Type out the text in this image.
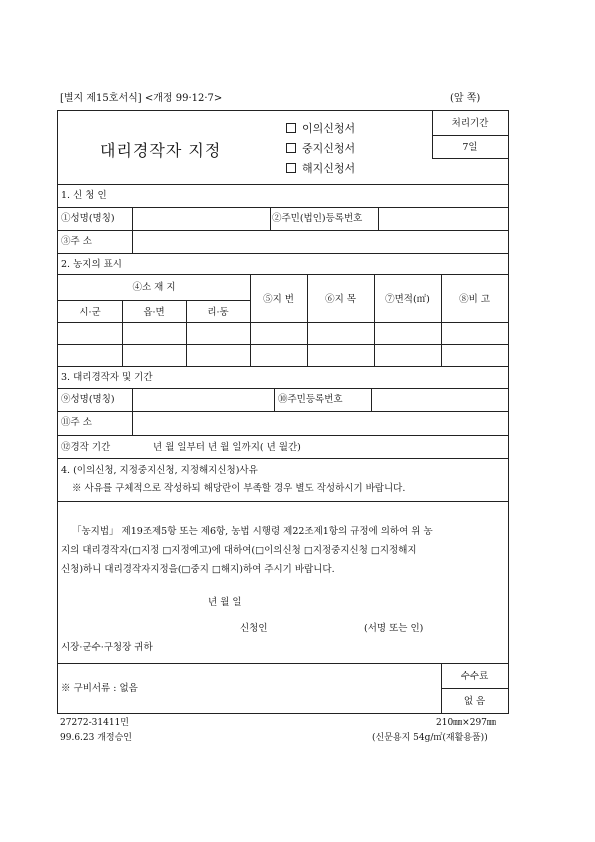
[별지 제15호서식] <개정 99·12·7>	(앞 쪽)
대리경작자 지정
이의신청서
중지신청서
해지신청서
처리기간
7일
1. 신 청 인
①성명(명칭)	②주민(법인)등록번호
③주 소
2. 농지의 표시
④소 재 지
시·군	읍·면	리·동
⑤지 번	⑥지 목	⑦면적(㎡)	⑧비 고
3. 대리경작자 및 기간
⑨성명(명칭)	⑩주민등록번호
⑪주 소
⑫경작 기간	년 월 일부터 년 월 일까지( 년 월간)
4. (이의신청, 지정중지신청, 지정해지신청)사유
※ 사유를 구체적으로 작성하되 해당란이 부족할 경우 별도 작성하시기 바랍니다.
「농지법」 제19조제5항 또는 제6항, 농법 시행령 제22조제1항의 규정에 의하여 위 농
지의 대리경작자(□지정 □지정예고)에 대하여(□이의신청 □지정중지신청 □지정해지
신청)하니 대리경작자지정을(□중지 □해지)하여 주시기 바랍니다.
년 월 일
신청인	(서명 또는 인)
시장·군수·구청장 귀하
※ 구비서류 : 없음
수수료
없 음
27272-31411민
99.6.23 개정승인
210㎜×297㎜
(신문용지 54g/㎡(재활용품))
